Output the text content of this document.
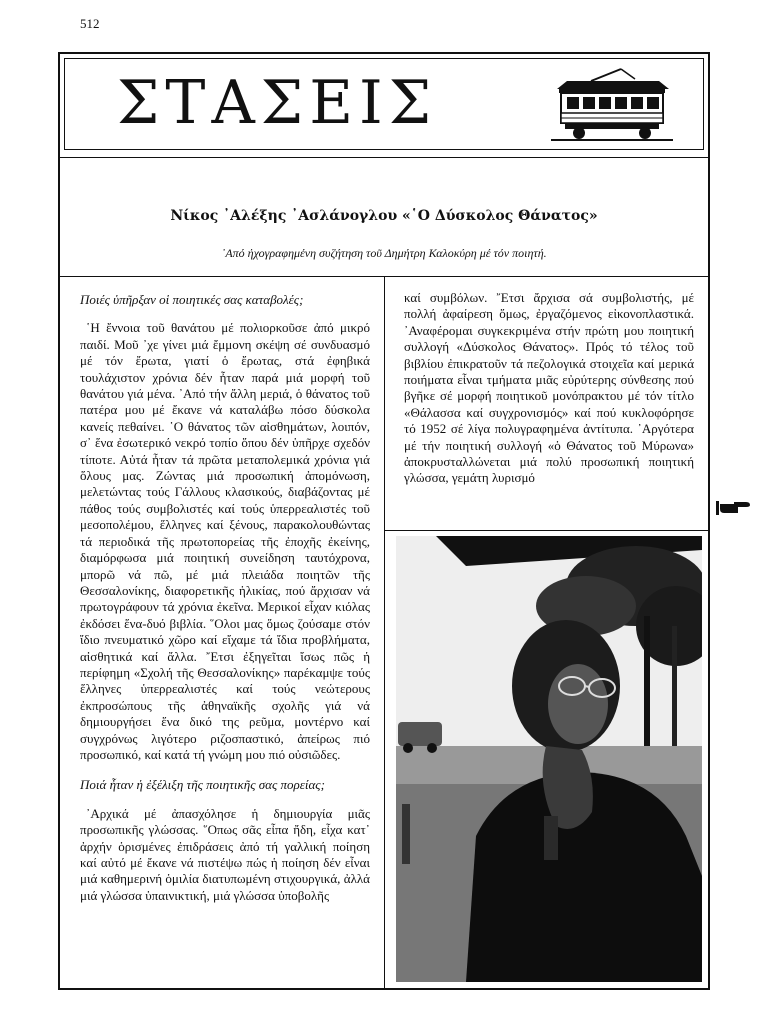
512
ΣΤΑΣΕΙΣ
Νίκος ᾿Αλέξης ᾿Ασλάνογλου «῾Ο Δύσκολος Θάνατος»
᾿Από ἠχογραφημένη συζήτηση τοῦ Δημήτρη Καλοκύρη μέ τόν ποιητή.

Ποιές ὑπῆρξαν οἱ ποιητικές σας καταβολές;

῾Η ἔννοια τοῦ θανάτου μέ πολιορκοῦσε ἀπό μικρό παιδί. Μοῦ ᾿χε γίνει μιά ἔμμονη σκέψη σέ συνδυασμό μέ τόν ἔρωτα, γιατί ὁ ἔρωτας, στά ἐφηβικά τουλάχιστον χρόνια δέν ἦταν παρά μιά μορφή τοῦ θανάτου γιά μένα. ᾿Από τήν ἄλλη μεριά, ὁ θάνατος τοῦ πατέρα μου μέ ἔκανε νά καταλάβω πόσο δύσκολα κανείς πεθαίνει. ῾Ο θάνατος τῶν αἰσθημάτων, λοιπόν, σ᾿ ἕνα ἐσωτερικό νεκρό τοπίο ὅπου δέν ὑπῆρχε σχεδόν τίποτε. Αὐτά ἦταν τά πρῶτα μεταπολεμικά χρόνια γιά ὅλους μας. Ζώντας μιά προσωπική ἀπομόνωση, μελετώντας τούς Γάλλους κλασικούς, διαβάζοντας μέ πάθος τούς συμβολιστές καί τούς ὑπερρεαλιστές τοῦ μεσοπολέμου, ἕλληνες καί ξένους, παρακολουθώντας τά περιοδικά τῆς πρωτοπορείας τῆς ἐποχῆς ἐκείνης, διαμόρφωσα μιά ποιητική συνείδηση ταυτόχρονα, μπορῶ νά πῶ, μέ μιά πλειάδα ποιητῶν τῆς Θεσσαλονίκης, διαφορετικῆς ἡλικίας, πού ἄρχισαν νά πρωτογράφουν τά χρόνια ἐκεῖνα. Μερικοί εἶχαν κιόλας ἐκδόσει ἕνα-δυό βιβλία. ῞Ολοι μας ὅμως ζούσαμε στόν ἴδιο πνευματικό χῶρο καί εἴχαμε τά ἴδια προβλήματα, αἰσθητικά καί ἄλλα. ῎Ετσι ἐξηγεῖται ἴσως πῶς ἡ περίφημη «Σχολή τῆς Θεσσαλονίκης» παρέκαμψε τούς ἕλληνες ὑπερρεαλιστές καί τούς νεώτερους ἐκπροσώπους τῆς ἀθηναϊκῆς σχολῆς γιά νά δημιουργήσει ἕνα δικό της ρεῦμα, μοντέρνο καί συγχρόνως λιγότερο ριζοσπαστικό, ἀπείρως πιό προσωπικό, καί κατά τή γνώμη μου πιό οὐσιῶδες.

Ποιά ἦταν ἡ ἐξέλιξη τῆς ποιητικῆς σας πορείας;

᾿Αρχικά μέ ἀπασχόλησε ἡ δημιουργία μιᾶς προσωπικῆς γλώσσας. ῞Οπως σᾶς εἶπα ἤδη, εἶχα κατ᾿ ἀρχήν ὁρισμένες ἐπιδράσεις ἀπό τή γαλλική ποίηση καί αὐτό μέ ἔκανε νά πιστέψω πώς ἡ ποίηση δέν εἶναι μιά καθημερινή ὁμιλία διατυπωμένη στιχουργικά, ἀλλά μιά γλώσσα ὑπαινικτική, μιά γλώσσα ὑποβολῆς

καί συμβόλων. ῎Ετσι ἄρχισα σά συμβολιστής, μέ πολλή ἀφαίρεση ὅμως, ἐργαζόμενος εἰκονοπλαστικά. ᾿Αναφέρομαι συγκεκριμένα στήν πρώτη μου ποιητική συλλογή «Δύσκολος Θάνατος». Πρός τό τέλος τοῦ βιβλίου ἐπικρατοῦν τά πεζολογικά στοιχεῖα καί μερικά ποιήματα εἶναι τμήματα μιᾶς εὐρύτερης σύνθεσης πού βγῆκε σέ μορφή ποιητικοῦ μονόπρακτου μέ τόν τίτλο «Θάλασσα καί συγχρονισμός» καί πού κυκλοφόρησε τό 1952 σέ λίγα πολυγραφημένα ἀντίτυπα. ᾿Αργότερα μέ τήν ποιητική συλλογή «ὁ Θάνατος τοῦ Μύρωνα» ἀποκρυσταλλώνεται μιά πολύ προσωπική ποιητική γλώσσα, γεμάτη λυρισμό
